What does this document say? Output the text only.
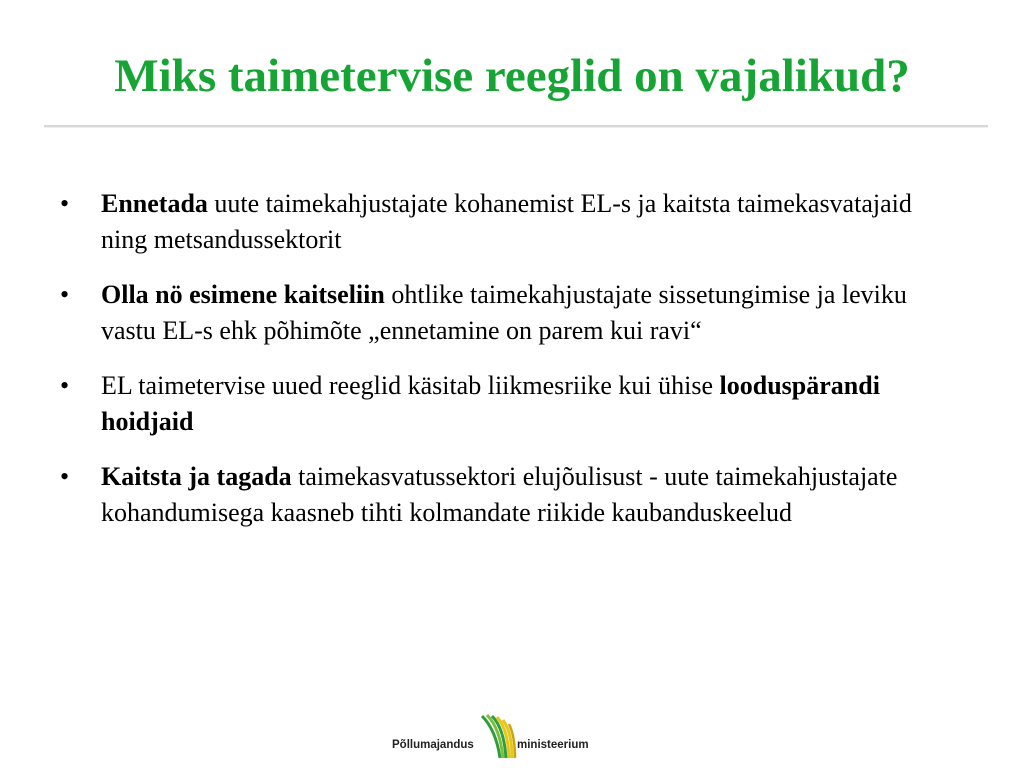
Miks taimetervise reeglid on vajalikud?
•	Ennetada uute taimekahjustajate kohanemist EL-s ja kaitsta taimekasvatajaid ning metsandussektorit
•	Olla nö esimene kaitseliin ohtlike taimekahjustajate sissetungimise ja leviku vastu EL-s ehk põhimõte „ennetamine on parem kui ravi“
•	EL taimetervise uued reeglid käsitab liikmesriike kui ühise looduspärandi hoidjaid
•	Kaitsta ja tagada taimekasvatussektori elujõulisust - uute taimekahjustajate kohandumisega kaasneb tihti kolmandate riikide kaubanduskeelud
Põllumajandus	ministeerium
